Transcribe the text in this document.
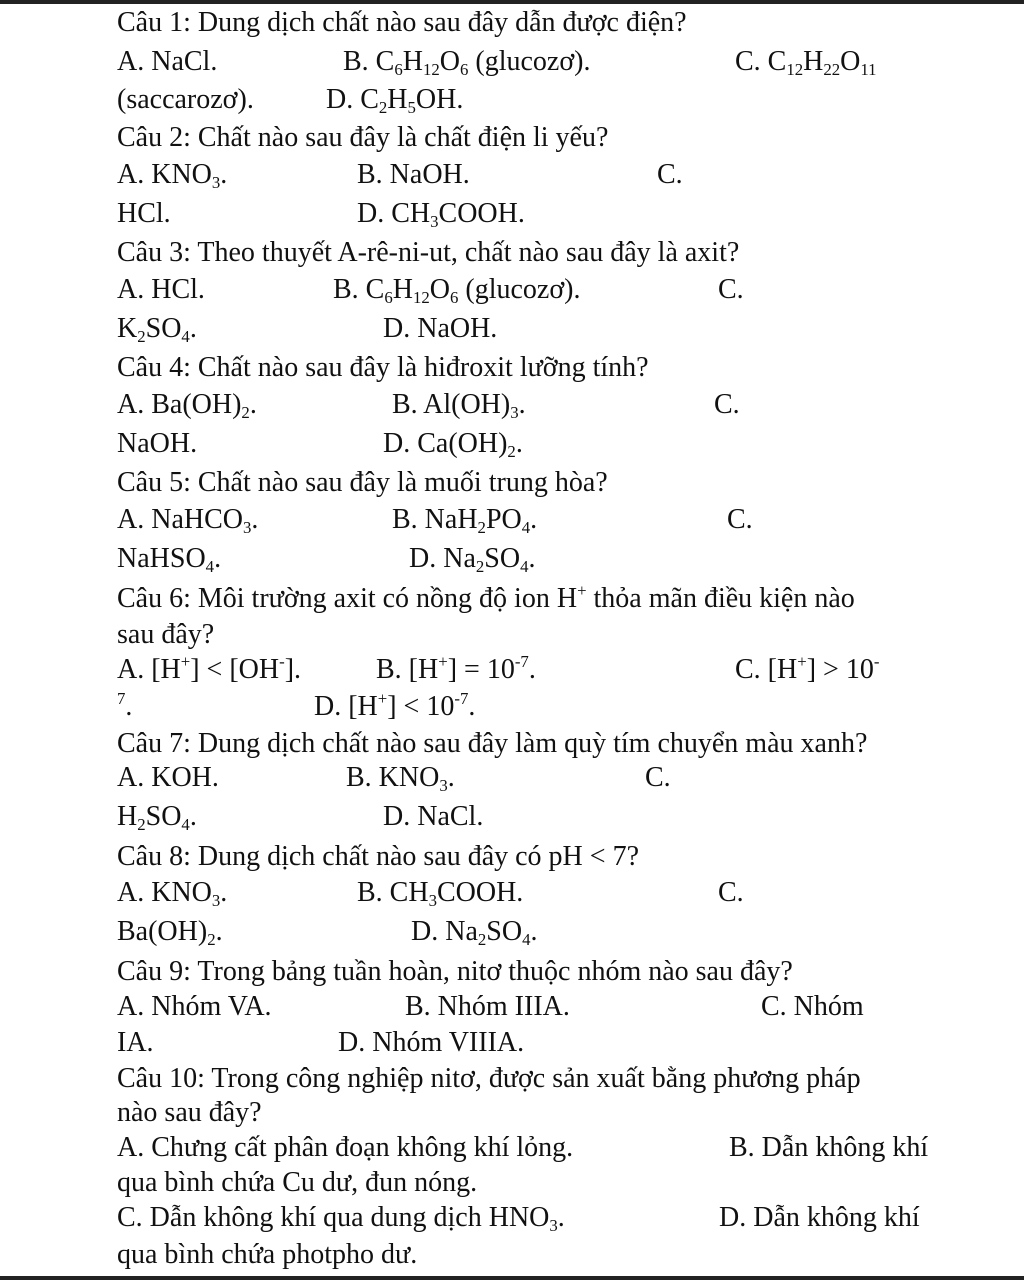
Câu 1: Dung dịch chất nào sau đây dẫn được điện?
A. NaCl.	B. $C_6H_{12}O_6$ (glucozơ).	C. $C_{12}H_{22}O_{11}$
(saccarozơ).	D. $C_2H_5OH$.
Câu 2: Chất nào sau đây là chất điện li yếu?
A. $KNO_3$.	B. NaOH.	C.
HCl.	D. $CH_3COOH$.
Câu 3: Theo thuyết A-rê-ni-ut, chất nào sau đây là axit?
A. HCl.	B. $C_6H_{12}O_6$ (glucozơ).	C.
$K_2SO_4$.	D. NaOH.
Câu 4: Chất nào sau đây là hiđroxit lưỡng tính?
A. $Ba(OH)_2$.	B. $Al(OH)_3$.	C.
NaOH.	D. $Ca(OH)_2$.
Câu 5: Chất nào sau đây là muối trung hòa?
A. NaHCO$_3$.	B. $NaH_2PO_4$.	C.
NaHSO$_4$.	D. $Na_2SO_4$.
Câu 6: Môi trường axit có nồng độ ion H+ thỏa mãn điều kiện nào
sau đây?
A. [H+] < [OH-].	B. $[H^+] = 10^{-7}$.	C. [H+] > 10-
$^7$.	D. $[H^+] < 10^{-7}$.
Câu 7: Dung dịch chất nào sau đây làm quỳ tím chuyển màu xanh?
A. KOH.	B. $KNO_3$.	C.
$H_2SO_4$.	D. NaCl.
Câu 8: Dung dịch chất nào sau đây có pH < 7?
A. $KNO_3$.	B. $CH_3COOH$.	C.
$Ba(OH)_2$.	D. $Na_2SO_4$.
Câu 9: Trong bảng tuần hoàn, nitơ thuộc nhóm nào sau đây?
A. Nhóm VA.	B. Nhóm IIIA.	C. Nhóm
IA.	D. Nhóm VIIIA.
Câu 10: Trong công nghiệp nitơ, được sản xuất bằng phương pháp
nào sau đây?
A. Chưng cất phân đoạn không khí lỏng.	B. Dẫn không khí
qua bình chứa Cu dư, đun nóng.
C. Dẫn không khí qua dung dịch $HNO_3$.	D. Dẫn không khí
qua bình chứa photpho dư.
